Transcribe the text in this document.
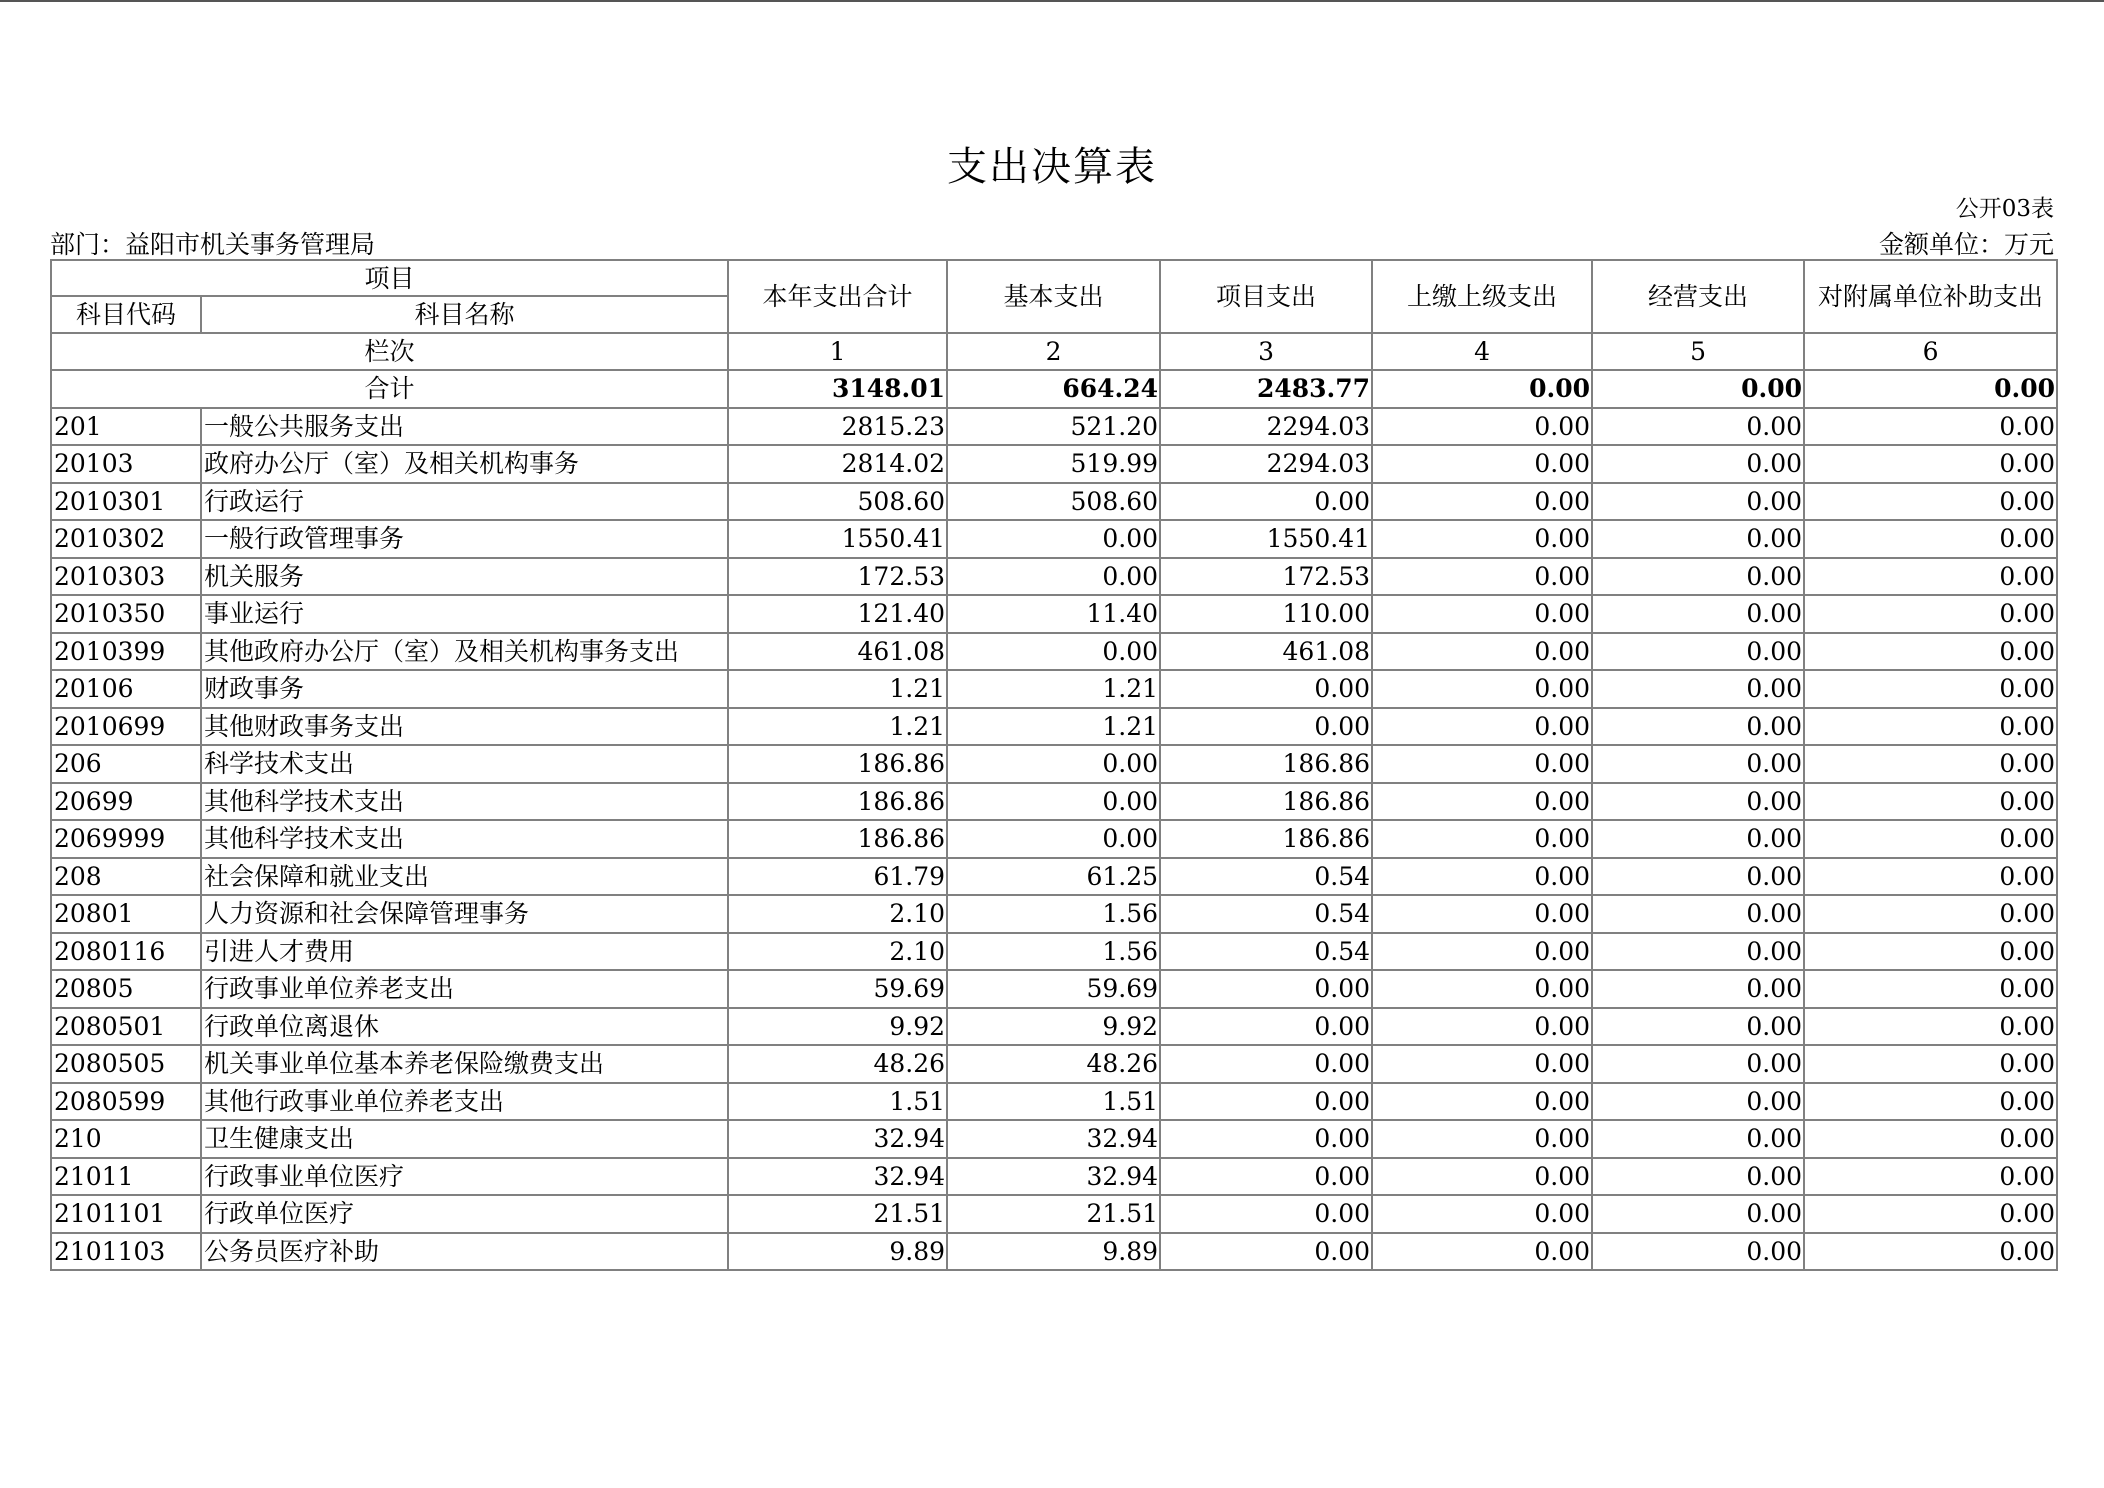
支出决算表
公开03表
部门：益阳市机关事务管理局	金额单位：万元
项目		本年支出合计	基本支出	项目支出	上缴上级支出	经营支出	对附属单位补助支出
科目代码	科目名称						
栏次		1	2	3	4	5	6
合计		3148.01	664.24	2483.77	0.00	0.00	0.00
201	一般公共服务支出	2815.23	521.20	2294.03	0.00	0.00	0.00
20103	政府办公厅（室）及相关机构事务	2814.02	519.99	2294.03	0.00	0.00	0.00
2010301	行政运行	508.60	508.60	0.00	0.00	0.00	0.00
2010302	一般行政管理事务	1550.41	0.00	1550.41	0.00	0.00	0.00
2010303	机关服务	172.53	0.00	172.53	0.00	0.00	0.00
2010350	事业运行	121.40	11.40	110.00	0.00	0.00	0.00
2010399	其他政府办公厅（室）及相关机构事务支出	461.08	0.00	461.08	0.00	0.00	0.00
20106	财政事务	1.21	1.21	0.00	0.00	0.00	0.00
2010699	其他财政事务支出	1.21	1.21	0.00	0.00	0.00	0.00
206	科学技术支出	186.86	0.00	186.86	0.00	0.00	0.00
20699	其他科学技术支出	186.86	0.00	186.86	0.00	0.00	0.00
2069999	其他科学技术支出	186.86	0.00	186.86	0.00	0.00	0.00
208	社会保障和就业支出	61.79	61.25	0.54	0.00	0.00	0.00
20801	人力资源和社会保障管理事务	2.10	1.56	0.54	0.00	0.00	0.00
2080116	引进人才费用	2.10	1.56	0.54	0.00	0.00	0.00
20805	行政事业单位养老支出	59.69	59.69	0.00	0.00	0.00	0.00
2080501	行政单位离退休	9.92	9.92	0.00	0.00	0.00	0.00
2080505	机关事业单位基本养老保险缴费支出	48.26	48.26	0.00	0.00	0.00	0.00
2080599	其他行政事业单位养老支出	1.51	1.51	0.00	0.00	0.00	0.00
210	卫生健康支出	32.94	32.94	0.00	0.00	0.00	0.00
21011	行政事业单位医疗	32.94	32.94	0.00	0.00	0.00	0.00
2101101	行政单位医疗	21.51	21.51	0.00	0.00	0.00	0.00
2101103	公务员医疗补助	9.89	9.89	0.00	0.00	0.00	0.00
